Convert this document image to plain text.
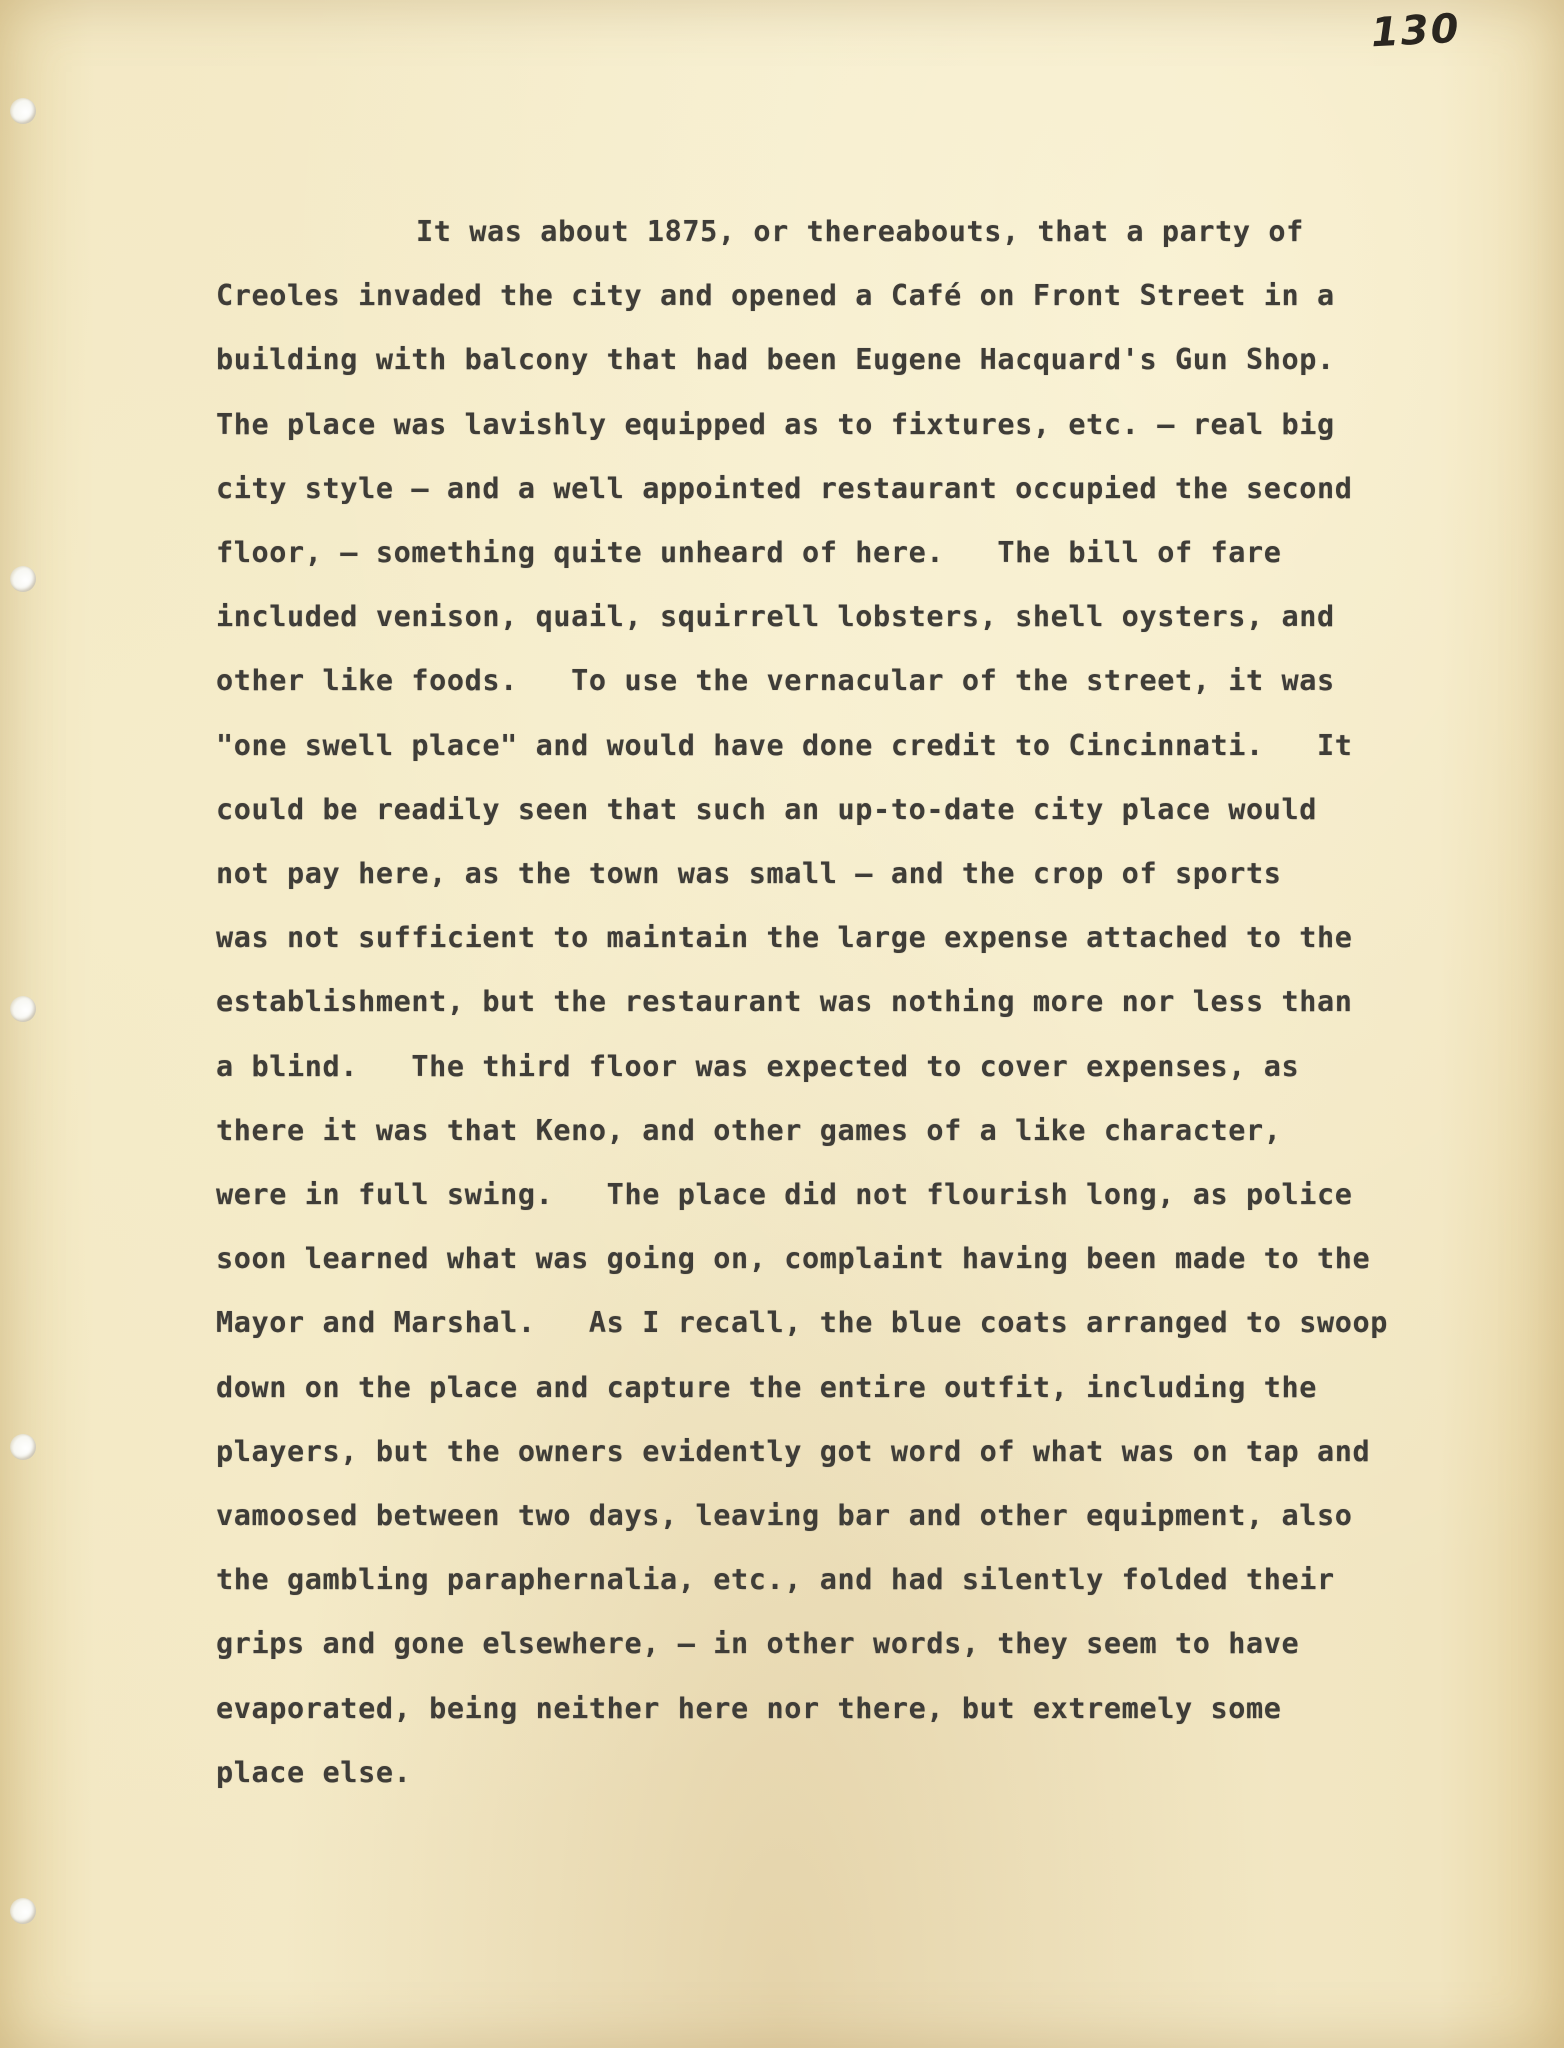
130
It was about 1875, or thereabouts, that a party of
Creoles invaded the city and opened a Café on Front Street in a
building with balcony that had been Eugene Hacquard's Gun Shop.
The place was lavishly equipped as to fixtures, etc. — real big
city style — and a well appointed restaurant occupied the second
floor, — something quite unheard of here.   The bill of fare
included venison, quail, squirrell lobsters, shell oysters, and
other like foods.   To use the vernacular of the street, it was
"one swell place" and would have done credit to Cincinnati.   It
could be readily seen that such an up-to-date city place would
not pay here, as the town was small — and the crop of sports
was not sufficient to maintain the large expense attached to the
establishment, but the restaurant was nothing more nor less than
a blind.   The third floor was expected to cover expenses, as
there it was that Keno, and other games of a like character,
were in full swing.   The place did not flourish long, as police
soon learned what was going on, complaint having been made to the
Mayor and Marshal.   As I recall, the blue coats arranged to swoop
down on the place and capture the entire outfit, including the
players, but the owners evidently got word of what was on tap and
vamoosed between two days, leaving bar and other equipment, also
the gambling paraphernalia, etc., and had silently folded their
grips and gone elsewhere, — in other words, they seem to have
evaporated, being neither here nor there, but extremely some
place else.
